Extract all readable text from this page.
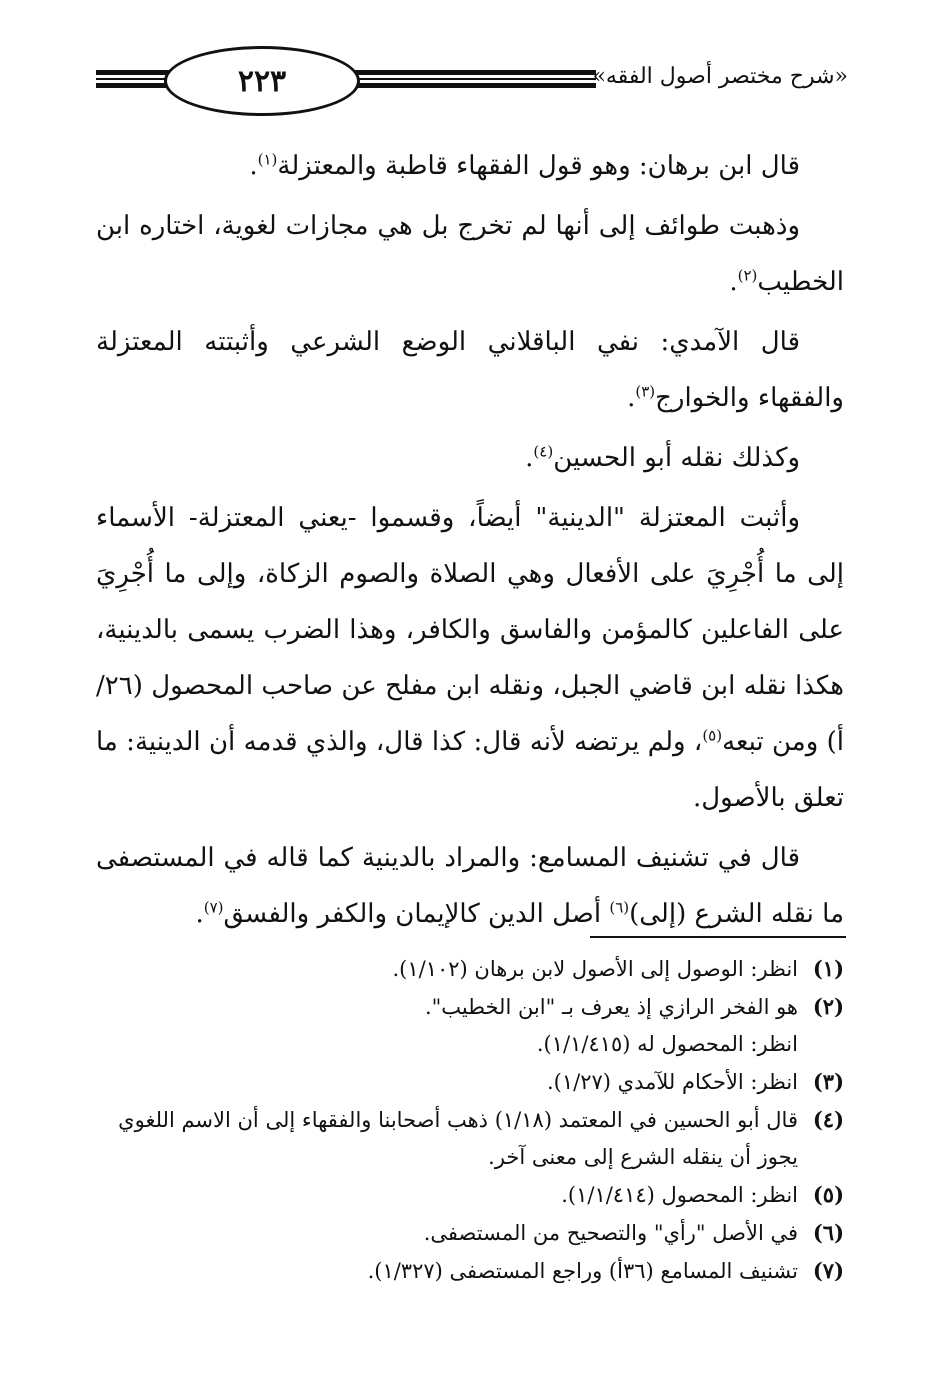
٢٢٣	«شرح مختصر أصول الفقه»

قال ابن برهان: وهو قول الفقهاء قاطبة والمعتزلة$^{(١)}$.

وذهبت طوائف إلى أنها لم تخرج بل هي مجازات لغوية، اختاره ابن الخطيب$^{(٢)}$.

قال الآمدي: نفي الباقلاني الوضع الشرعي وأثبتته المعتزلة والفقهاء والخوارج$^{(٣)}$.

وكذلك نقله أبو الحسين$^{(٤)}$.

وأثبت المعتزلة "الدينية" أيضاً، وقسموا -يعني المعتزلة- الأسماء إلى ما أُجْرِيَ على الأفعال وهي الصلاة والصوم الزكاة، وإلى ما أُجْرِيَ على الفاعلين كالمؤمن والفاسق والكافر، وهذا الضرب يسمى بالدينية، هكذا نقله ابن قاضي الجبل، ونقله ابن مفلح عن صاحب المحصول (٢٦/أ) ومن تبعه$^{(٥)}$، ولم يرتضه لأنه قال: كذا قال، والذي قدمه أن الدينية: ما تعلق بالأصول.

قال في تشنيف المسامع: والمراد بالدينية كما قاله في المستصفى ما نقله الشرع (إلى)$^{(٦)}$ أصل الدين كالإيمان والكفر والفسق$^{(٧)}$.

(١)انظر: الوصول إلى الأصول لابن برهان (١/١٠٢).

(٢)هو الفخر الرازي إذ يعرف بـ "ابن الخطيب".

انظر: المحصول له (١/١/٤١٥).

(٣)انظر: الأحكام للآمدي (١/٢٧).

(٤)قال أبو الحسين في المعتمد (١/١٨) ذهب أصحابنا والفقهاء إلى أن الاسم اللغوي يجوز أن ينقله الشرع إلى معنى آخر.

(٥)انظر: المحصول (١/١/٤١٤).

(٦)في الأصل "رأي" والتصحيح من المستصفى.

(٧)تشنيف المسامع (٣٦أ) وراجع المستصفى (١/٣٢٧).
